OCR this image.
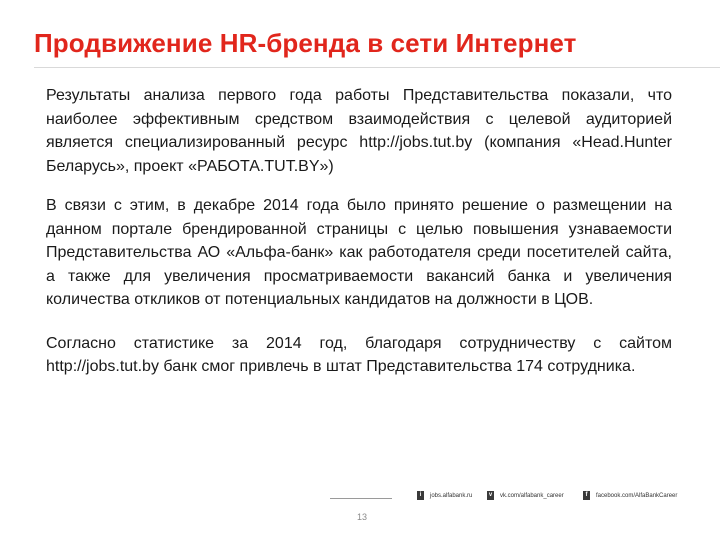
Продвижение HR-бренда в сети Интернет

Результаты анализа первого года работы Представительства показали, что наиболее эффективным средством взаимодействия с целевой аудиторией является специализированный ресурс http://jobs.tut.by (компания «Head.Hunter Беларусь», проект «РАБОТА.TUT.BY»)

В связи с этим, в декабре 2014 года было принято решение о размещении на данном портале брендированной страницы с целью повышения узнаваемости Представительства АО «Альфа-банк» как работодателя среди посетителей сайта, а также для увеличения просматриваемости вакансий банка и увеличения количества откликов от потенциальных кандидатов на должности в ЦОВ.

Согласно статистике за 2014 год, благодаря сотрудничеству с сайтом http://jobs.tut.by банк смог привлечь в штат Представительства 174 сотрудника.

13
i	jobs.alfabank.ru	v	vk.com/alfabank_career	f	facebook.com/AlfaBankCareer
